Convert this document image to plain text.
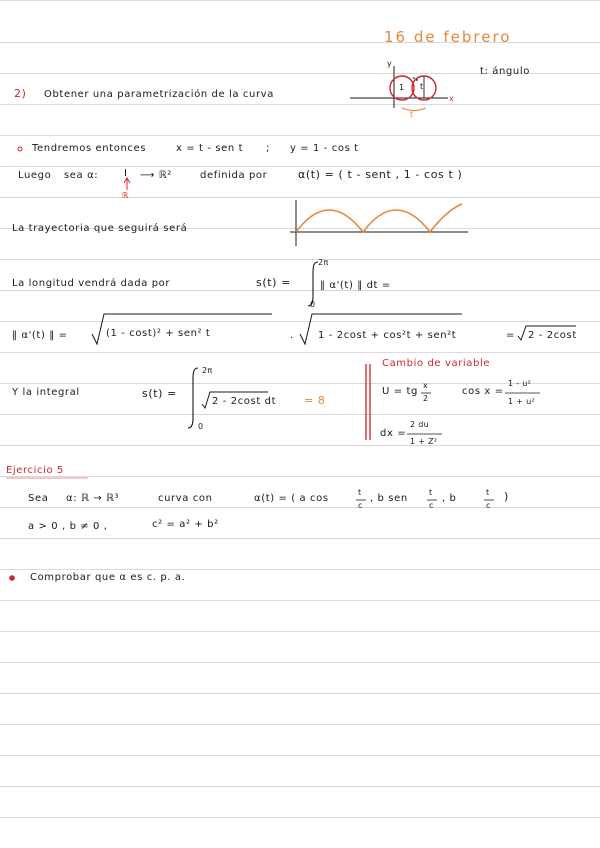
16 de febrero
2) Obtener una parametrización de la curva
t: ángulo
y
x
t
1 t
Tendremos entonces	x = t - sen t ; y = 1 - cos t
Luego sea α:	I ⟶ ℝ²
ℝ
definida por	α(t) = ( t - sent , 1 - cos t )
La trayectoria que seguirá será
La longitud vendrá dada por	s(t) =
2π
0
‖ α'(t) ‖ dt =
‖ α'(t) ‖ =	(1 - cost)² + sen² t	. 1 - 2cost + cos²t + sen²t	= 2 - 2cost
Y la integral	s(t) =
2π
0
2 - 2cost dt	= 8
Cambio de variable
U = tg
x
2
cos x =
1 - u²
1 + u²
dx =
2 du
1 + Z²
Ejercicio 5
Sea α: ℝ → ℝ³	curva con	α(t) = ( a cos
t
c
, b sen
t
c
, b
t
c
)
a > 0 , b ≠ 0 ,	c² = a² + b²
Comprobar que α es c. p. a.
